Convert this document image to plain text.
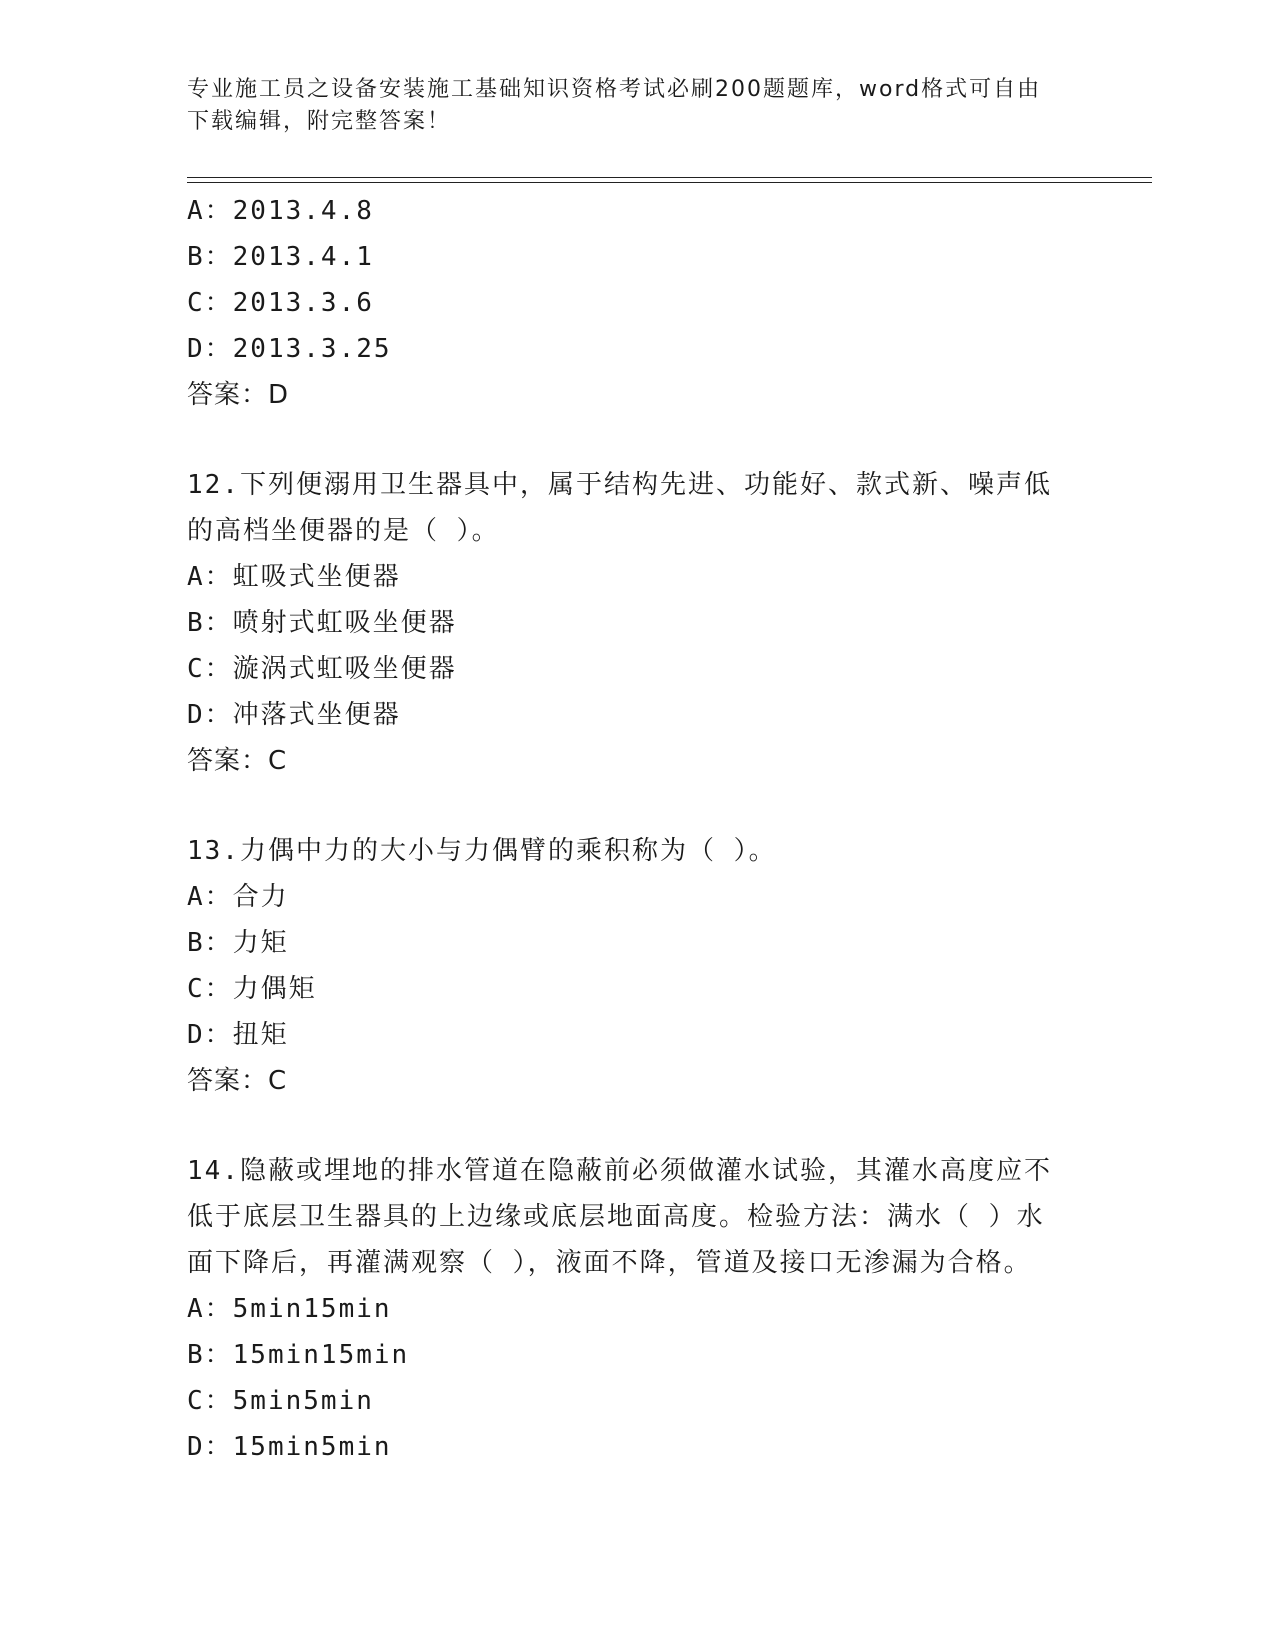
专业施工员之设备安装施工基础知识资格考试必刷200题题库，word格式可自由
下载编辑，附完整答案！
A：2013.4.8
B：2013.4.1
C：2013.3.6
D：2013.3.25
答案：D
12.下列便溺用卫生器具中，属于结构先进、功能好、款式新、噪声低
的高档坐便器的是（ ）。
A：虹吸式坐便器
B：喷射式虹吸坐便器
C：漩涡式虹吸坐便器
D：冲落式坐便器
答案：C
13.力偶中力的大小与力偶臂的乘积称为（ ）。
A：合力
B：力矩
C：力偶矩
D：扭矩
答案：C
14.隐蔽或埋地的排水管道在隐蔽前必须做灌水试验，其灌水高度应不
低于底层卫生器具的上边缘或底层地面高度。检验方法：满水（ ）水
面下降后，再灌满观察（ ），液面不降，管道及接口无渗漏为合格。
A：5min15min
B：15min15min
C：5min5min
D：15min5min
